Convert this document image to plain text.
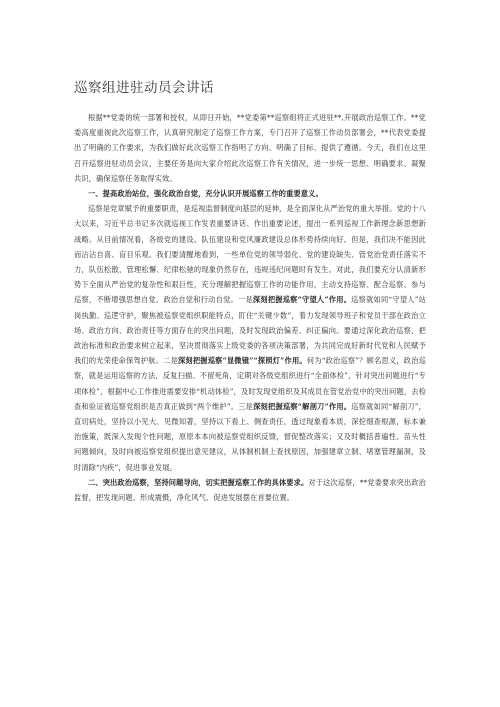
巡察组进驻动员会讲话

根据**党委的统一部署和授权，从即日开始，**党委第**巡察组将正式进驻**,开展政治巡察工作。**党委高度重视此次巡察工作，认真研究制定了巡察工作方案，专门召开了巡察工作动员部署会，**代表党委提出了明确的工作要求，为我们做好此次巡察工作指明了方向、明确了目标、提供了遵循。今天，我们在这里召开巡察进驻动员会议，主要任务是向大家介绍此次巡察工作有关情况，进一步统一思想、明确要求、凝聚共识，确保巡察任务取得实效。

一、提高政治站位，强化政治自觉，充分认识开展巡察工作的重要意义。

巡察是党章赋予的重要职责，是巡视监督制度向基层的延伸，是全面深化从严治党的重大举措。党的十八大以来，习近平总书记多次就巡视工作发表重要讲话、作出重要论述，提出一系列巡视工作新理念新思想新战略。从目前情况看，各级党的建设、队伍建设和党风廉政建设总体形势持续向好。但是，我们决不能因此而沾沾自喜、盲目乐观。我们要清醒地看到，一些单位党的领导弱化、党的建设缺失、管党治党责任落实不力，队伍松散、管理松懈、纪律松驰的现象仍然存在，违规违纪问题时有发生。对此，我们要充分认清新形势下全面从严治党的复杂性和艰巨性，充分理解把握巡察工作的功能作用，主动支持巡察、配合巡察、参与巡察，不断增强思想自觉、政治自觉和行动自觉。一是深刻把握巡察“守望人”作用。巡察就如同“守望人”站岗执勤、巡逻守护，聚焦被巡察党组织职能特点，盯住“关键少数”，着力发现领导班子和党员干部在政治立场、政治方向、政治责任等方面存在的突出问题，及时发现政治偏差、纠正偏向。要通过深化政治巡察，把政治标准和政治要求树立起来，坚决贯彻落实上级党委的各项决策部署，为共同完成好新时代党和人民赋予我们的光荣使命保驾护航。二是深刻把握巡察“显微镜”“探照灯”作用。何为“政治巡察”？顾名思义，政治巡察，就是运用巡察的方法，反复扫描、不留死角，定期对各级党组织进行“全面体检”，针对突出问题进行“专项体检”，根据中心工作推进需要安排“机动体检”，及时发现党组织及其成员在管党治党中的突出问题，去检查和验证被巡察党组织是否真正做到“两个维护”。三是深刻把握巡察“解剖刀”作用。巡察就如同“解剖刀”，直切病处，坚持以小见大、见微知著，坚持以下看上、侧查责任，透过现象看本质，深挖细查根源，标本兼治施策，既深入发现个性问题，原原本本向被巡察党组织反馈，督促整改落实；又及时概括普遍性、苗头性问题倾向，及时向被巡察党组织提出意见建议，从体制机制上查找原因，加强建章立制、堵塞管理漏洞，及时清除“内疾”，促进事业发展。

二、突出政治巡察，坚持问题导向，切实把握巡察工作的具体要求。对于这次巡察，**党委要求突出政治监督，把发现问题、形成震慑，净化风气、促进发展摆在首要位置。
